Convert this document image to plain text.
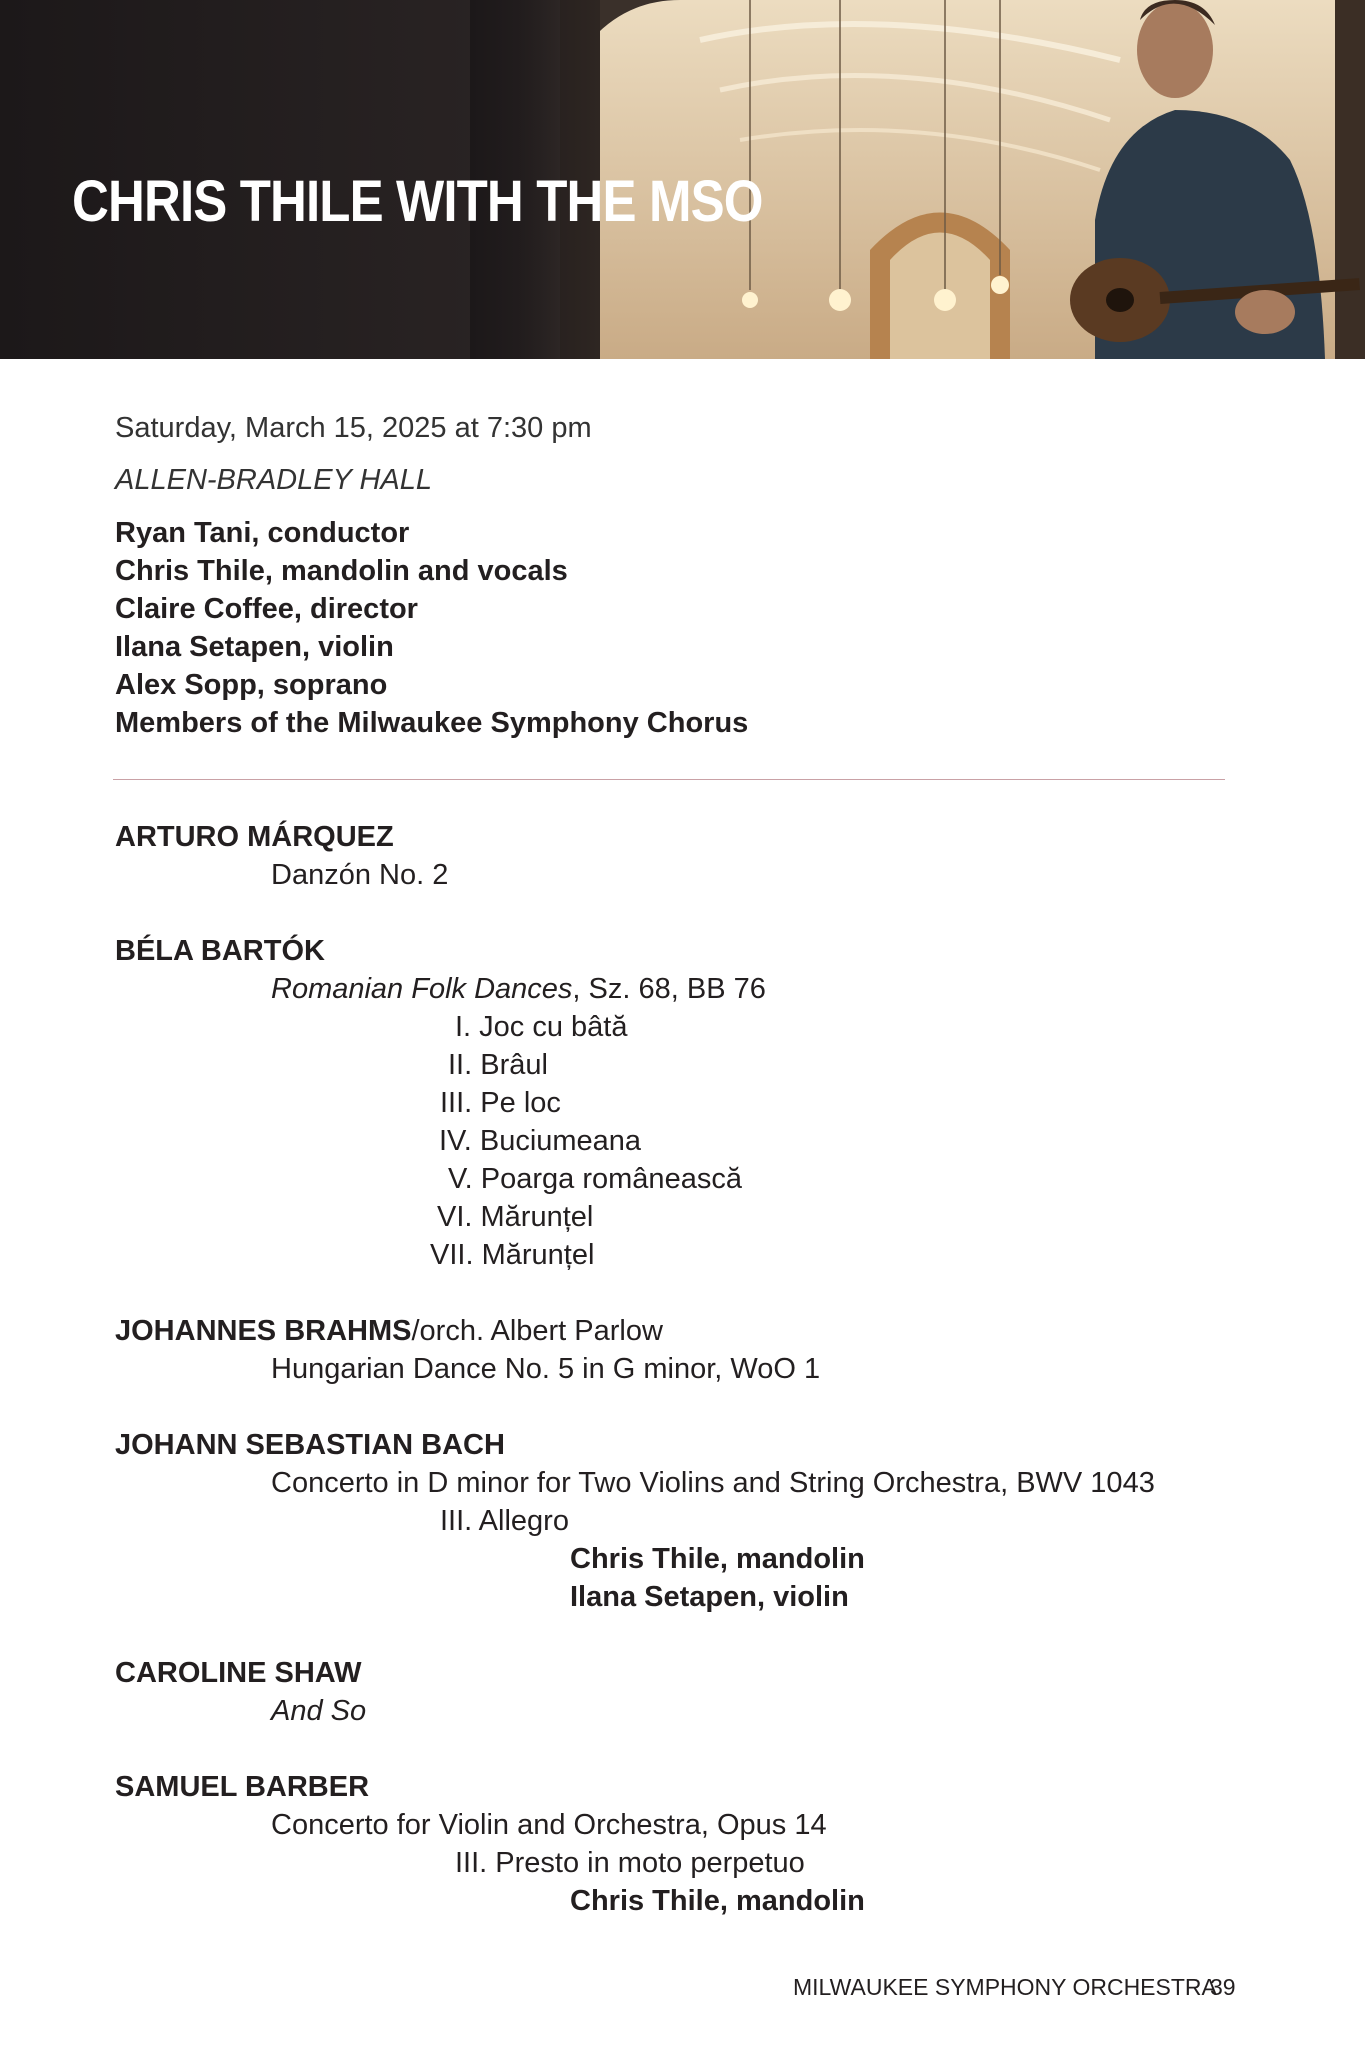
CHRIS THILE WITH THE MSO
Saturday, March 15, 2025 at 7:30 pm
ALLEN-BRADLEY HALL
Ryan Tani, conductor
Chris Thile, mandolin and vocals
Claire Coffee, director
Ilana Setapen, violin
Alex Sopp, soprano
Members of the Milwaukee Symphony Chorus
ARTURO MÁRQUEZ
Danzón No. 2
BÉLA BARTÓK
Romanian Folk Dances, Sz. 68, BB 76
I. Joc cu bâtă
II. Brâul
III. Pe loc
IV. Buciumeana
V. Poarga românească
VI. Mărunțel
VII. Mărunțel
JOHANNES BRAHMS/orch. Albert Parlow
Hungarian Dance No. 5 in G minor, WoO 1
JOHANN SEBASTIAN BACH
Concerto in D minor for Two Violins and String Orchestra, BWV 1043
III. Allegro
Chris Thile, mandolin
Ilana Setapen, violin
CAROLINE SHAW
And So
SAMUEL BARBER
Concerto for Violin and Orchestra, Opus 14
III. Presto in moto perpetuo
Chris Thile, mandolin
MILWAUKEE SYMPHONY ORCHESTRA
39
